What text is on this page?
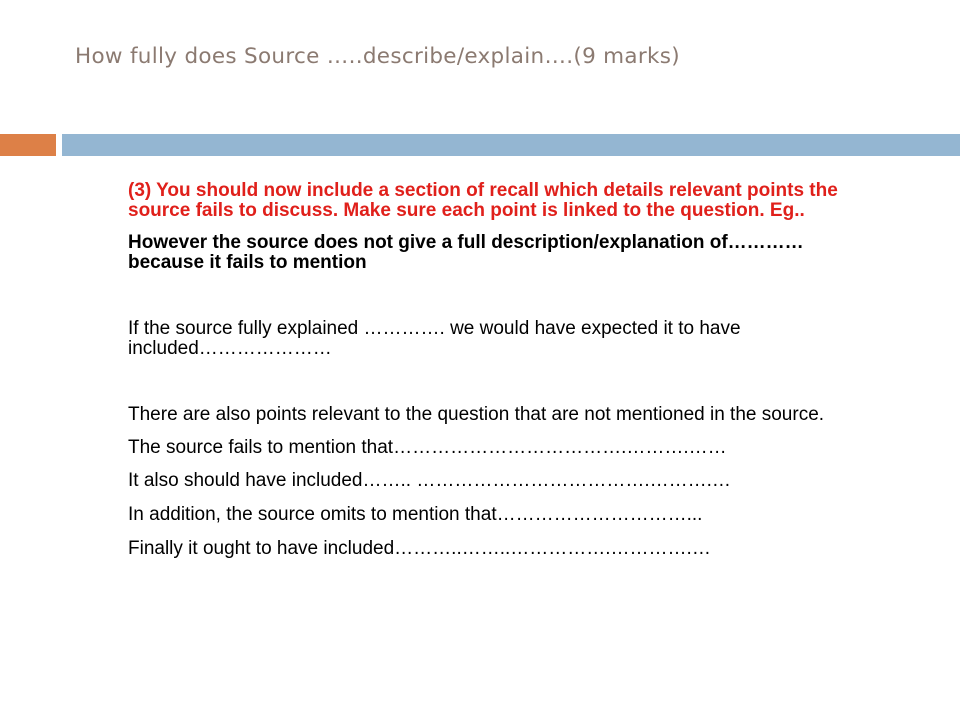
How fully does Source …..describe/explain….(9 marks)

(3) You should now include a section of recall which details relevant points the source fails to discuss. Make sure each point is linked to the question. Eg..

However the source does not give a full description/explanation of…………because it fails to mention

If the source fully explained …………. we would have expected it to have included…………………

There are also points relevant to the question that are not mentioned in the source.

The source fails to mention that……………………………….……….……

It also should have included…….. ……………………………….……….…

In addition, the source omits to mention that…………………………...

Finally it ought to have included………..……..…………….………….…
